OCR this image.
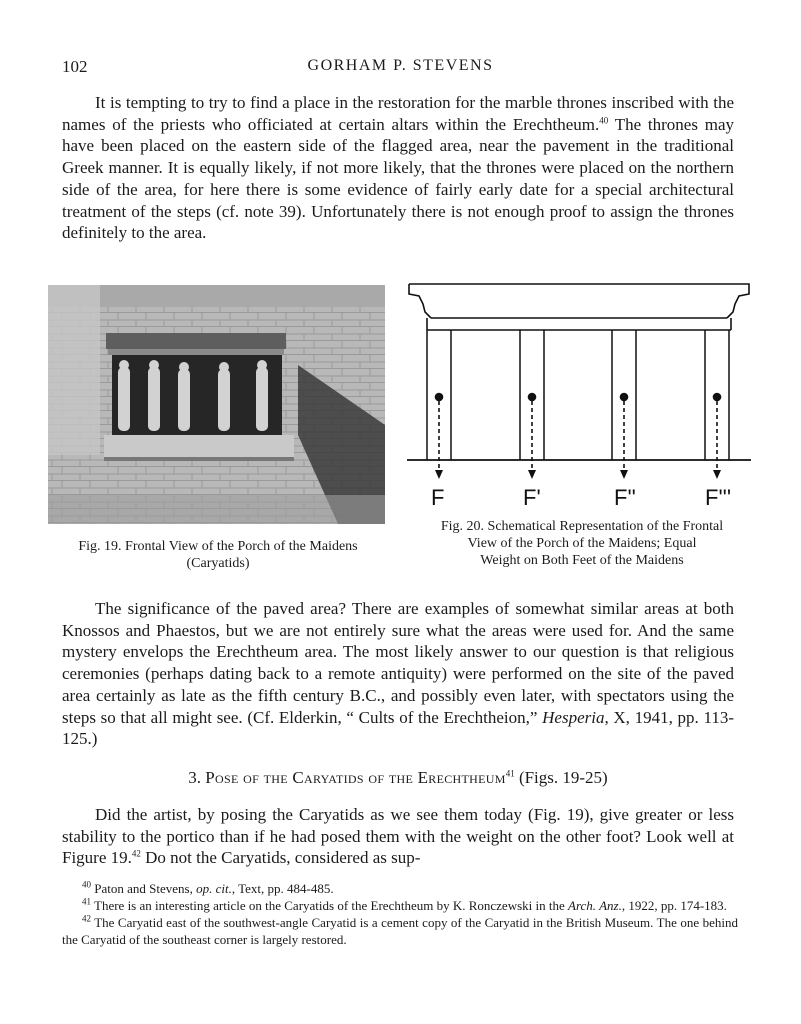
102	GORHAM P. STEVENS

It is tempting to try to find a place in the restoration for the marble thrones inscribed with the names of the priests who officiated at certain altars within the Erechtheum.$^{40}$ The thrones may have been placed on the eastern side of the flagged area, near the pavement in the traditional Greek manner. It is equally likely, if not more likely, that the thrones were placed on the northern side of the area, for here there is some evidence of fairly early date for a special architectural treatment of the steps (cf. note 39). Unfortunately there is not enough proof to assign the thrones definitely to the area.

Fig. 19. Frontal View of the Porch of the Maidens
(Caryatids)
F	F'	F''	F'''
Fig. 20. Schematical Representation of the Frontal
View of the Porch of the Maidens; Equal
Weight on Both Feet of the Maidens

The significance of the paved area? There are examples of somewhat similar areas at both Knossos and Phaestos, but we are not entirely sure what the areas were used for. And the same mystery envelops the Erechtheum area. The most likely answer to our question is that religious ceremonies (perhaps dating back to a remote antiquity) were performed on the site of the paved area certainly as late as the fifth century B.C., and possibly even later, with spectators using the steps so that all might see. (Cf. Elderkin, “ Cults of the Erechtheion,” Hesperia, X, 1941, pp. 113-125.)

3. Pose of the Caryatids of the Erechtheum$^{41}$ (Figs. 19-25)

Did the artist, by posing the Caryatids as we see them today (Fig. 19), give greater or less stability to the portico than if he had posed them with the weight on the other foot? Look well at Figure 19.42 Do not the Caryatids, considered as sup-

$^{40}$ Paton and Stevens, op. cit., Text, pp. 484-485.

$^{41}$ There is an interesting article on the Caryatids of the Erechtheum by K. Ronczewski in the Arch. Anz., 1922, pp. 174-183.

$^{42}$ The Caryatid east of the southwest-angle Caryatid is a cement copy of the Caryatid in the British Museum. The one behind the Caryatid of the southeast corner is largely restored.
